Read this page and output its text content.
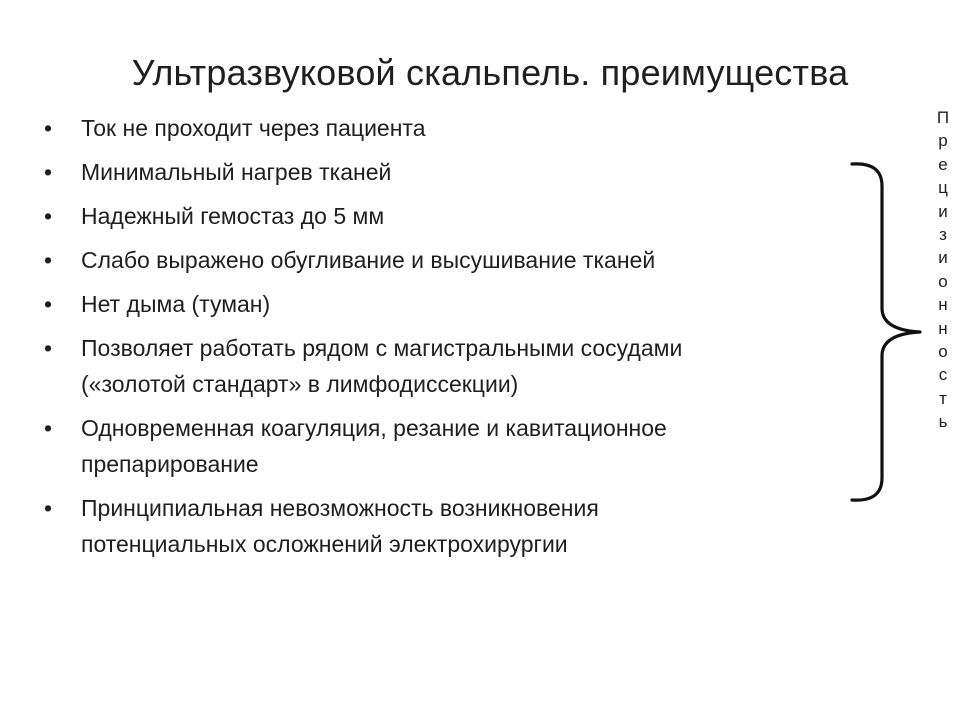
Ультразвуковой скальпель. преимущества
• Ток не проходит через пациента
• Минимальный нагрев тканей
• Надежный гемостаз до 5 мм
• Слабо выражено обугливание и высушивание тканей
• Нет дыма (туман)
• Позволяет работать рядом с магистральными сосудами
(«золотой стандарт» в лимфодиссекции)
• Одновременная коагуляция, резание и кавитационное
препарирование
• Принципиальная невозможность возникновения
потенциальных осложнений электрохирургии
П
р
е
ц
и
з
и
о
н
н
о
с
т
ь
